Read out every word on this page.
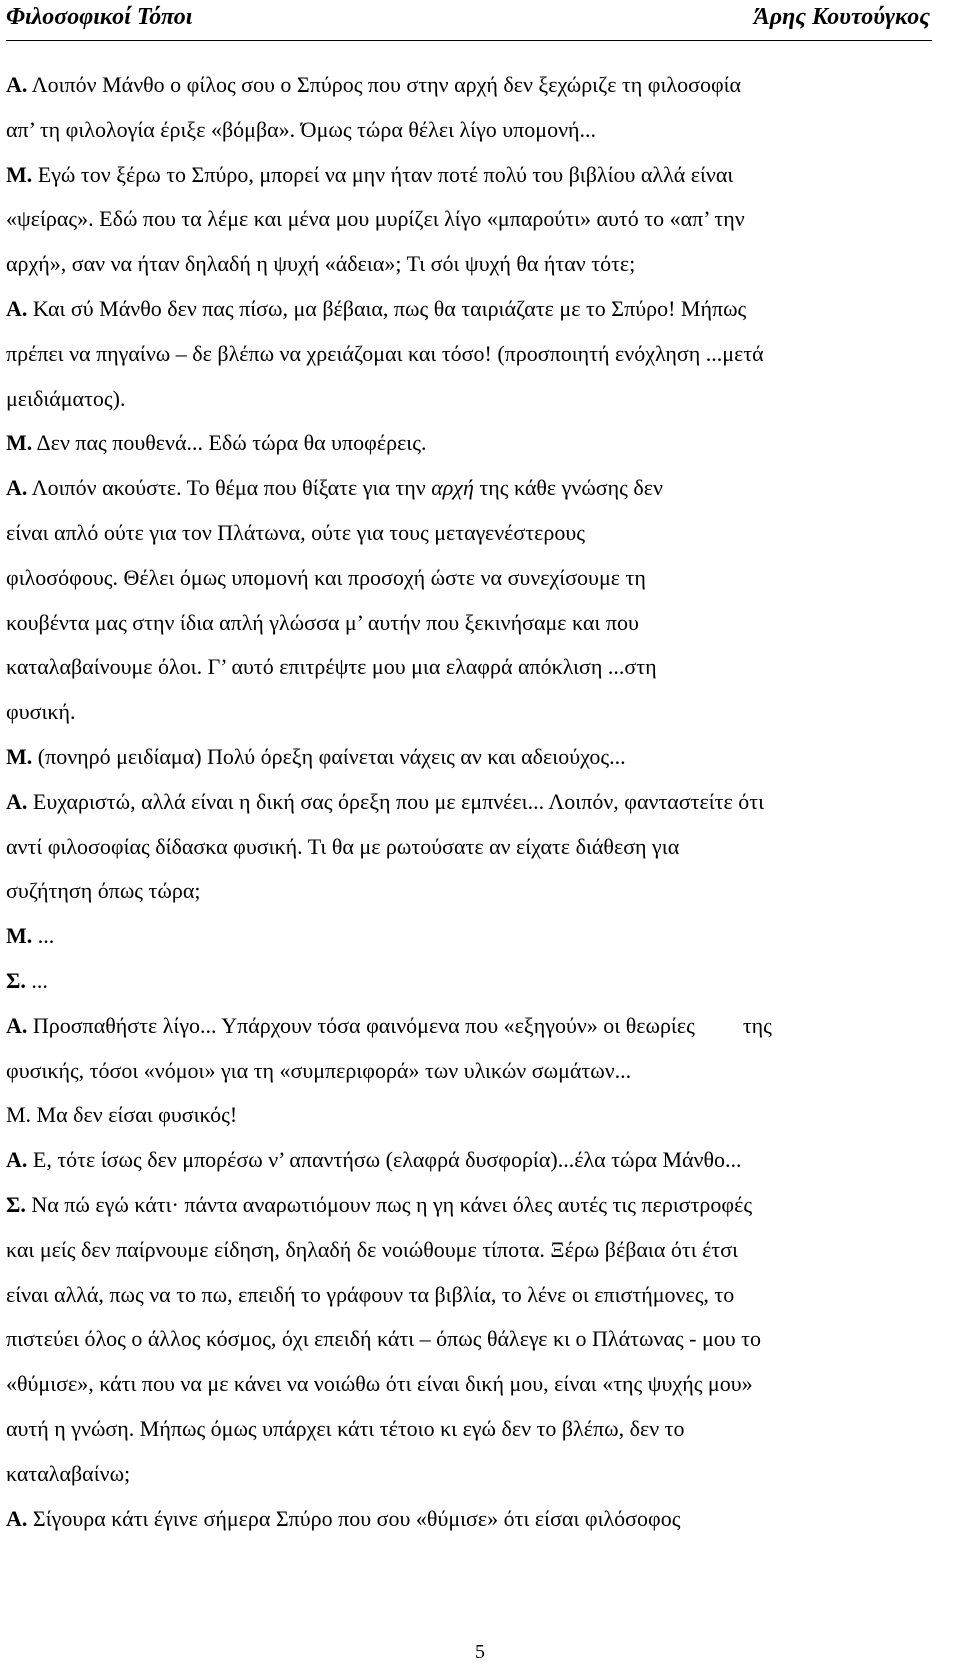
Φιλοσοφικοί Τόποι	Άρης Κουτούγκος
Α. Λοιπόν Μάνθο ο φίλος σου ο Σπύρος που στην αρχή δεν ξεχώριζε τη φιλοσοφία
απ’ τη φιλολογία έριξε «βόμβα». Όμως τώρα θέλει λίγο υπομονή...
Μ. Εγώ τον ξέρω το Σπύρο, μπορεί να μην ήταν ποτέ πολύ του βιβλίου αλλά είναι
«ψείρας». Εδώ που τα λέμε και μένα μου μυρίζει λίγο «μπαρούτι» αυτό το «απ’ την
αρχή», σαν να ήταν δηλαδή η ψυχή «άδεια»; Τι σόι ψυχή θα ήταν τότε;
Α. Και σύ Μάνθο δεν πας πίσω, μα βέβαια, πως θα ταιριάζατε με το Σπύρο! Μήπως
πρέπει να πηγαίνω – δε βλέπω να χρειάζομαι και τόσο! (προσποιητή ενόχληση ...μετά
μειδιάματος).
Μ. Δεν πας πουθενά... Εδώ τώρα θα υποφέρεις.
Α. Λοιπόν ακούστε. Το θέμα που θίξατε για την αρχή της κάθε γνώσης δεν
είναι απλό ούτε για τον Πλάτωνα, ούτε για τους μεταγενέστερους
φιλοσόφους. Θέλει όμως υπομονή και προσοχή ώστε να συνεχίσουμε τη
κουβέντα μας στην ίδια απλή γλώσσα μ’ αυτήν που ξεκινήσαμε και που
καταλαβαίνουμε όλοι. Γ’ αυτό επιτρέψτε μου μια ελαφρά απόκλιση ...στη
φυσική.
Μ. (πονηρό μειδίαμα) Πολύ όρεξη φαίνεται νάχεις αν και αδειούχος...
Α. Ευχαριστώ, αλλά είναι η δική σας όρεξη που με εμπνέει... Λοιπόν, φανταστείτε ότι
αντί φιλοσοφίας δίδασκα φυσική. Τι θα με ρωτούσατε αν είχατε διάθεση για
συζήτηση όπως τώρα;
Μ. ...
Σ. ...
Α. Προσπαθήστε λίγο... Υπάρχουν τόσα φαινόμενα που «εξηγούν» οι θεωρίες της
φυσικής, τόσοι «νόμοι» για τη «συμπεριφορά» των υλικών σωμάτων...
Μ. Μα δεν είσαι φυσικός!
Α. Ε, τότε ίσως δεν μπορέσω ν’ απαντήσω (ελαφρά δυσφορία)...έλα τώρα Μάνθο...
Σ. Να πώ εγώ κάτι· πάντα αναρωτιόμουν πως η γη κάνει όλες αυτές τις περιστροφές
και μείς δεν παίρνουμε είδηση, δηλαδή δε νοιώθουμε τίποτα. Ξέρω βέβαια ότι έτσι
είναι αλλά, πως να το πω, επειδή το γράφουν τα βιβλία, το λένε οι επιστήμονες, το
πιστεύει όλος ο άλλος κόσμος, όχι επειδή κάτι – όπως θάλεγε κι ο Πλάτωνας - μου το
«θύμισε», κάτι που να με κάνει να νοιώθω ότι είναι δική μου, είναι «της ψυχής μου»
αυτή η γνώση. Μήπως όμως υπάρχει κάτι τέτοιο κι εγώ δεν το βλέπω, δεν το
καταλαβαίνω;
Α. Σίγουρα κάτι έγινε σήμερα Σπύρο που σου «θύμισε» ότι είσαι φιλόσοφος
5
